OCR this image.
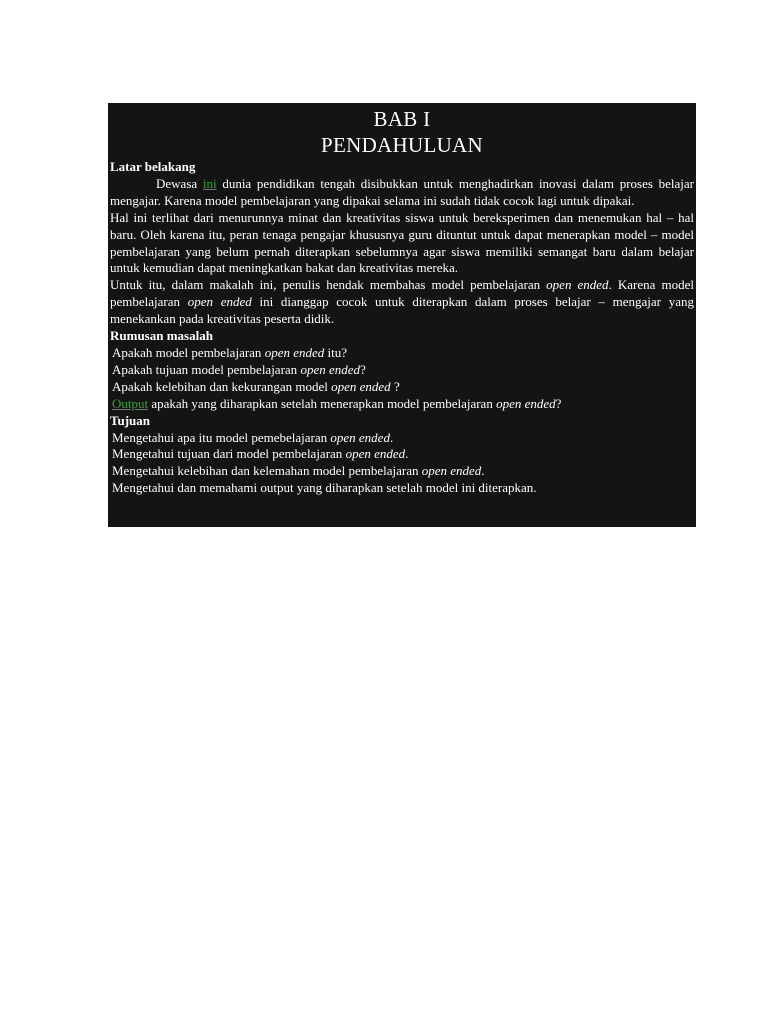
BAB I
PENDAHULUAN
Latar belakang
Dewasa ini dunia pendidikan tengah disibukkan untuk menghadirkan inovasi dalam proses belajar mengajar. Karena model pembelajaran yang dipakai selama ini sudah tidak cocok lagi untuk dipakai.
Hal ini terlihat dari menurunnya minat dan kreativitas siswa untuk bereksperimen dan menemukan hal – hal baru. Oleh karena itu, peran tenaga pengajar khususnya guru dituntut untuk dapat menerapkan model – model pembelajaran yang belum pernah diterapkan sebelumnya agar siswa memiliki semangat baru dalam belajar untuk kemudian dapat meningkatkan bakat dan kreativitas mereka.
Untuk itu, dalam makalah ini, penulis hendak membahas model pembelajaran open ended. Karena model pembelajaran open ended ini dianggap cocok untuk diterapkan dalam proses belajar – mengajar yang menekankan pada kreativitas peserta didik.
Rumusan masalah
1.	Apakah model pembelajaran open ended itu?
2.	Apakah tujuan model pembelajaran open ended?
3.	Apakah kelebihan dan kekurangan model open ended ?
4.	Output apakah yang diharapkan setelah menerapkan model pembelajaran open ended?
Tujuan
1.	Mengetahui apa itu model pemebelajaran open ended.
2.	Mengetahui tujuan dari model pembelajaran open ended.
3.	Mengetahui kelebihan dan kelemahan model pembelajaran open ended.
4.	Mengetahui dan memahami output yang diharapkan setelah model ini diterapkan.
